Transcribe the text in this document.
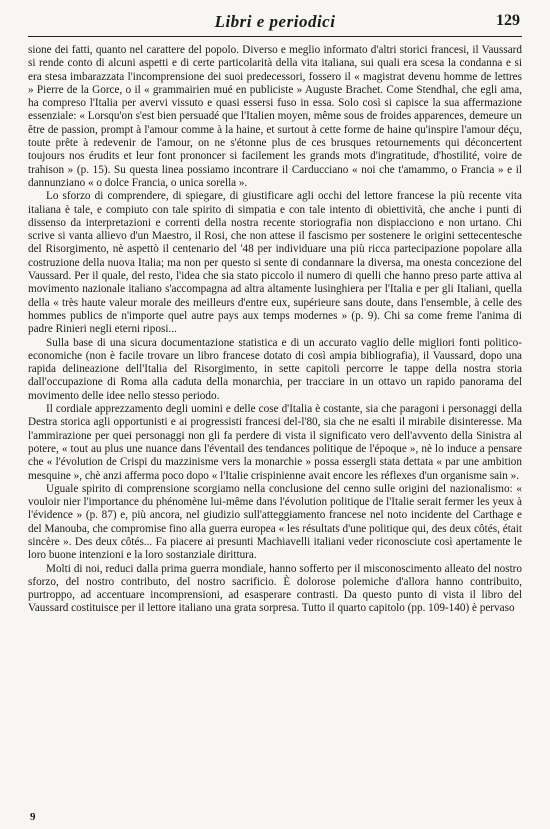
Libri e periodici	129

sione dei fatti, quanto nel carattere del popolo. Diverso e meglio informato d'altri storici francesi, il Vaussard si rende conto di alcuni aspetti e di certe particolarità della vita italiana, sui quali era scesa la condanna e si era stesa imbarazzata l'incomprensione dei suoi predecessori, fossero il « magistrat devenu homme de lettres » Pierre de la Gorce, o il « grammairien mué en publiciste » Auguste Brachet. Come Stendhal, che egli ama, ha compreso l'Italia per avervi vissuto e quasi essersi fuso in essa. Solo così si capisce la sua affermazione essenziale: « Lorsqu'on s'est bien persuadé que l'Italien moyen, même sous de froides apparences, demeure un être de passion, prompt à l'amour comme à la haine, et surtout à cette forme de haine qu'inspire l'amour déçu, toute prête à redevenir de l'amour, on ne s'étonne plus de ces brusques retournements qui déconcertent toujours nos érudits et leur font prononcer si facilement les grands mots d'ingratitude, d'hostilité, voire de trahison » (p. 15). Su questa linea possiamo incontrare il Carducciano « noi che t'amammo, o Francia » e il dannunziano « o dolce Francia, o unica sorella ».

Lo sforzo di comprendere, di spiegare, di giustificare agli occhi del lettore francese la più recente vita italiana è tale, e compiuto con tale spirito di simpatia e con tale intento di obiettività, che anche i punti di dissenso da interpretazioni e correnti della nostra recente storiografia non dispiacciono e non urtano. Chi scrive si vanta allievo d'un Maestro, il Rosi, che non attese il fascismo per sostenere le origini settecentesche del Risorgimento, nè aspettò il centenario del '48 per individuare una più ricca partecipazione popolare alla costruzione della nuova Italia; ma non per questo si sente di condannare la diversa, ma onesta concezione del Vaussard. Per il quale, del resto, l'idea che sia stato piccolo il numero di quelli che hanno preso parte attiva al movimento nazionale italiano s'accompagna ad altra altamente lusinghiera per l'Italia e per gli Italiani, quella della « très haute valeur morale des meilleurs d'entre eux, supérieure sans doute, dans l'ensemble, à celle des hommes publics de n'importe quel autre pays aux temps modernes » (p. 9). Chi sa come freme l'anima di padre Rinieri negli eterni riposi...

Sulla base di una sicura documentazione statistica e di un accurato vaglio delle migliori fonti politico-economiche (non è facile trovare un libro francese dotato di così ampia bibliografia), il Vaussard, dopo una rapida delineazione dell'Italia del Risorgimento, in sette capitoli percorre le tappe della nostra storia dall'occupazione di Roma alla caduta della monarchia, per tracciare in un ottavo un rapido panorama del movimento delle idee nello stesso periodo.

Il cordiale apprezzamento degli uomini e delle cose d'Italia è costante, sia che paragoni i personaggi della Destra storica agli opportunisti e ai progressisti francesi del-l'80, sia che ne esalti il mirabile disinteresse. Ma l'ammirazione per quei personaggi non gli fa perdere di vista il significato vero dell'avvento della Sinistra al potere, « tout au plus une nuance dans l'éventail des tendances politique de l'époque », nè lo induce a pensare che « l'évolution de Crispi du mazzinisme vers la monarchie » possa essergli stata dettata « par une ambition mesquine », chè anzi afferma poco dopo « l'Italie crispinienne avait encore les réflexes d'un organisme sain ».

Uguale spirito di comprensione scorgiamo nella conclusione del cenno sulle origini del nazionalismo: « vouloir nier l'importance du phénomène lui-même dans l'évolution politique de l'Italie serait fermer les yeux à l'évidence » (p. 87) e, più ancora, nel giudizio sull'atteggiamento francese nel noto incidente del Carthage e del Manouba, che compromise fino alla guerra europea « les résultats d'une politique qui, des deux côtés, était sincère ». Des deux côtés... Fa piacere ai presunti Machiavelli italiani veder riconosciute così apertamente le loro buone intenzioni e la loro sostanziale dirittura.

Molti di noi, reduci dalla prima guerra mondiale, hanno sofferto per il misconoscimento alleato del nostro sforzo, del nostro contributo, del nostro sacrificio. È dolorose polemiche d'allora hanno contribuito, purtroppo, ad accentuare incomprensioni, ad esasperare contrasti. Da questo punto di vista il libro del Vaussard costituisce per il lettore italiano una grata sorpresa. Tutto il quarto capitolo (pp. 109-140) è pervaso

9
